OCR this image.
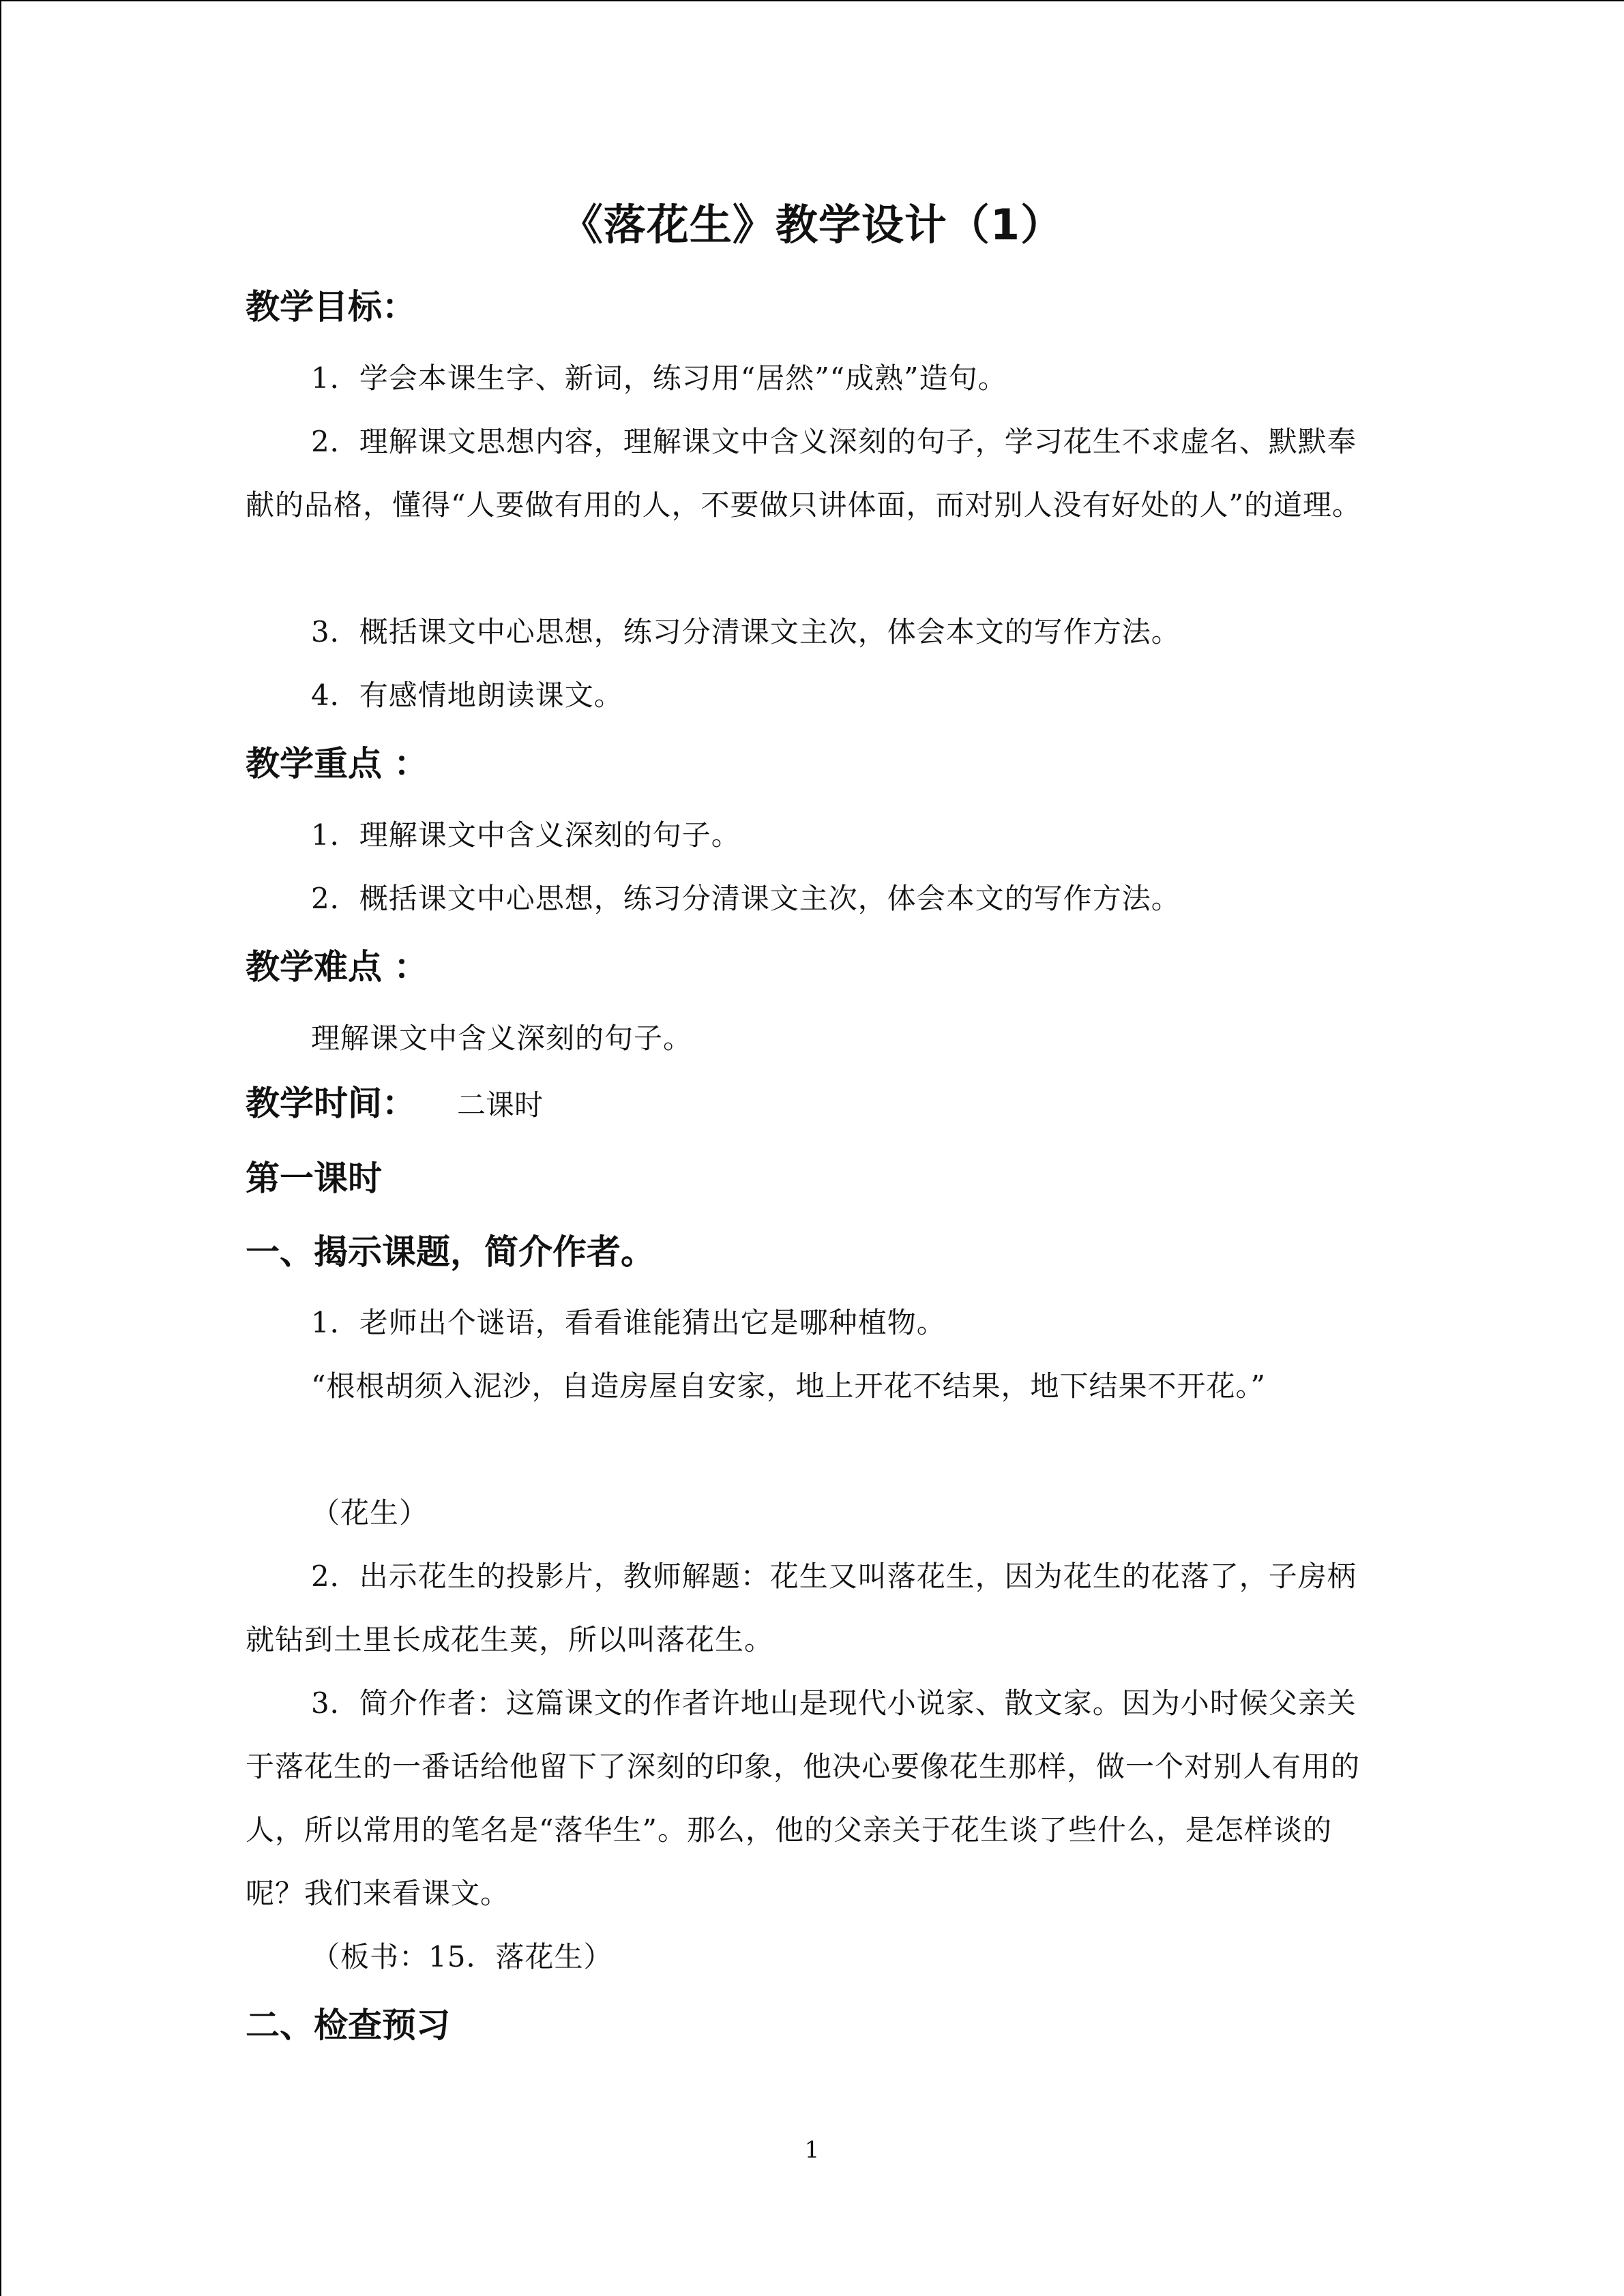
《落花生》教学设计（1）
教学目标：
1．学会本课生字、新词，练习用“居然”“成熟”造句。
2．理解课文思想内容，理解课文中含义深刻的句子，学习花生不求虚名、默默奉献的品格，懂得“人要做有用的人，不要做只讲体面，而对别人没有好处的人”的道理。
3．概括课文中心思想，练习分清课文主次，体会本文的写作方法。
4．有感情地朗读课文。
教学重点 ：
1．理解课文中含义深刻的句子。
2．概括课文中心思想，练习分清课文主次，体会本文的写作方法。
教学难点 ：
理解课文中含义深刻的句子。
教学时间： 二课时
第一课时
一、揭示课题，简介作者。
1．老师出个谜语，看看谁能猜出它是哪种植物。
“根根胡须入泥沙，自造房屋自安家，地上开花不结果，地下结果不开花。”
（花生）
2．出示花生的投影片，教师解题：花生又叫落花生，因为花生的花落了，子房柄就钻到土里长成花生荚，所以叫落花生。
3．简介作者：这篇课文的作者许地山是现代小说家、散文家。因为小时候父亲关于落花生的一番话给他留下了深刻的印象，他决心要像花生那样，做一个对别人有用的人，所以常用的笔名是“落华生”。那么，他的父亲关于花生谈了些什么，是怎样谈的呢？我们来看课文。
（板书：15．落花生）
二、检查预习
1
